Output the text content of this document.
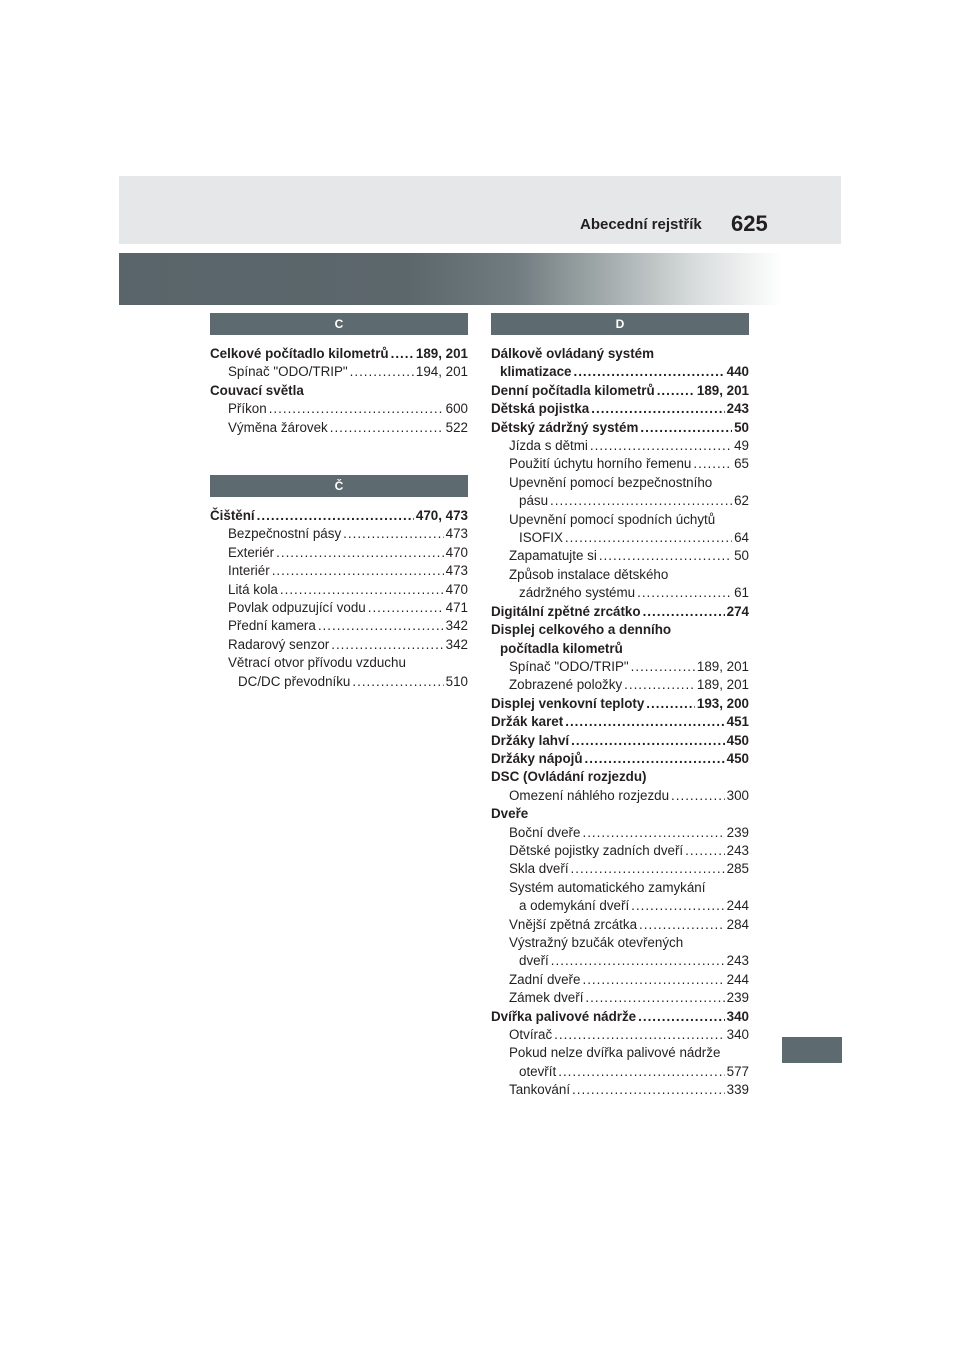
Abecední rejstřík 625
C
Celkové počítadlo kilometrů ..... 189, 201
Spínač "ODO/TRIP" .....	194, 201
Couvací světla
Příkon .....	600
Výměna žárovek .....	522
Č
Čištění .....	470, 473
Bezpečnostní pásy .....	473
Exteriér .....	470
Interiér .....	473
Litá kola .....	470
Povlak odpuzující vodu .....	471
Přední kamera .....	342
Radarový senzor .....	342
Větrací otvor přívodu vzduchu
DC/DC převodníku .....	510
D
Dálkově ovládaný systém
klimatizace .....	440
Denní počítadla kilometrů .....	189, 201
Dětská pojistka .....	243
Dětský zádržný systém .....	50
Jízda s dětmi .....	49
Použití úchytu horního řemenu .....	65
Upevnění pomocí bezpečnostního
pásu .....	62
Upevnění pomocí spodních úchytů
ISOFIX .....	64
Zapamatujte si .....	50
Způsob instalace dětského
zádržného systému .....	61
Digitální zpětné zrcátko .....	274
Displej celkového a denního
počítadla kilometrů
Spínač "ODO/TRIP" .....	189, 201
Zobrazené položky .....	189, 201
Displej venkovní teploty .....	193, 200
Držák karet .....	451
Držáky lahví .....	450
Držáky nápojů .....	450
DSC (Ovládání rozjezdu)
Omezení náhlého rozjezdu .....	300
Dveře
Boční dveře .....	239
Dětské pojistky zadních dveří .....	243
Skla dveří .....	285
Systém automatického zamykání
a odemykání dveří .....	244
Vnější zpětná zrcátka .....	284
Výstražný bzučák otevřených
dveří .....	243
Zadní dveře .....	244
Zámek dveří .....	239
Dvířka palivové nádrže .....	340
Otvírač .....	340
Pokud nelze dvířka palivové nádrže
otevřít .....	577
Tankování .....	339
